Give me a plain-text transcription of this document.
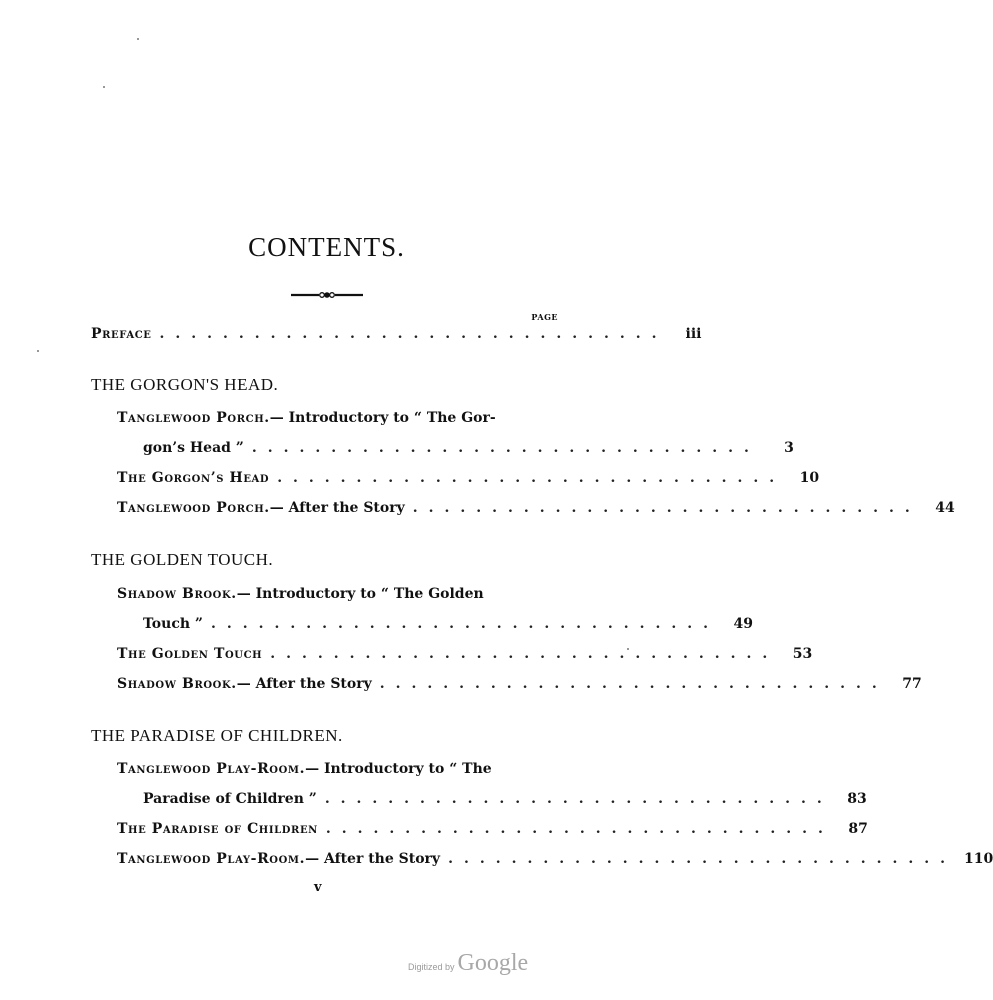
CONTENTS.
PAGE
Preface ................................	iii
THE GORGON'S HEAD.
Tanglewood Porch. — Introductory to “ The Gor-
gon’s Head ” ................................	3
The Gorgon’s Head ................................	10
Tanglewood Porch. — After the Story ................................	44
THE GOLDEN TOUCH.
Shadow Brook. — Introductory to “ The Golden
Touch ” ................................	49
The Golden Touch ................................	53
Shadow Brook. — After the Story ................................	77
THE PARADISE OF CHILDREN.
Tanglewood Play-Room. — Introductory to “ The
Paradise of Children ” ................................	83
The Paradise of Children ................................	87
Tanglewood Play-Room. — After the Story ................................ 110
v
Digitized by Google
